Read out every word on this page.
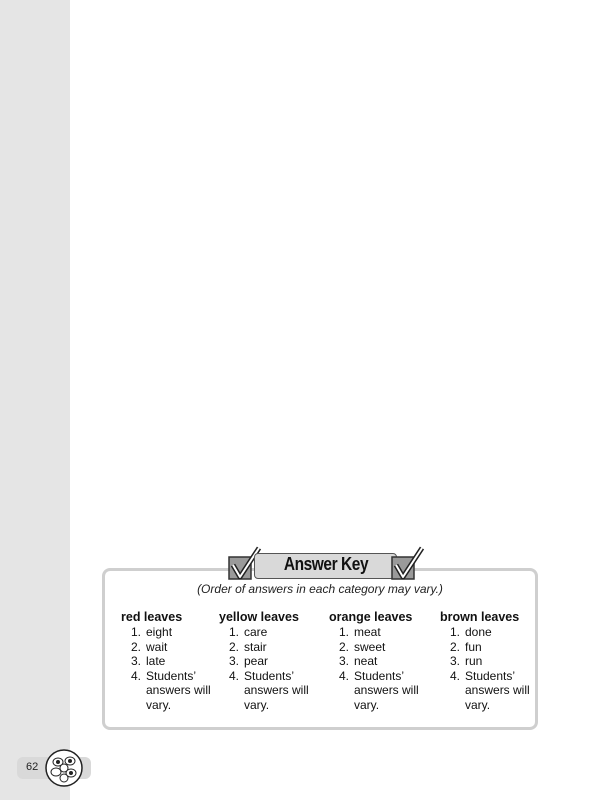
Answer Key
(Order of answers in each category may vary.)
red leaves
1. eight
2. wait
3. late
4. Students’ answers will vary.
yellow leaves
1. care
2. stair
3. pear
4. Students’ answers will vary.
orange leaves
1. meat
2. sweet
3. neat
4. Students’ answers will vary.
brown leaves
1. done
2. fun
3. run
4. Students’ answers will vary.
62
